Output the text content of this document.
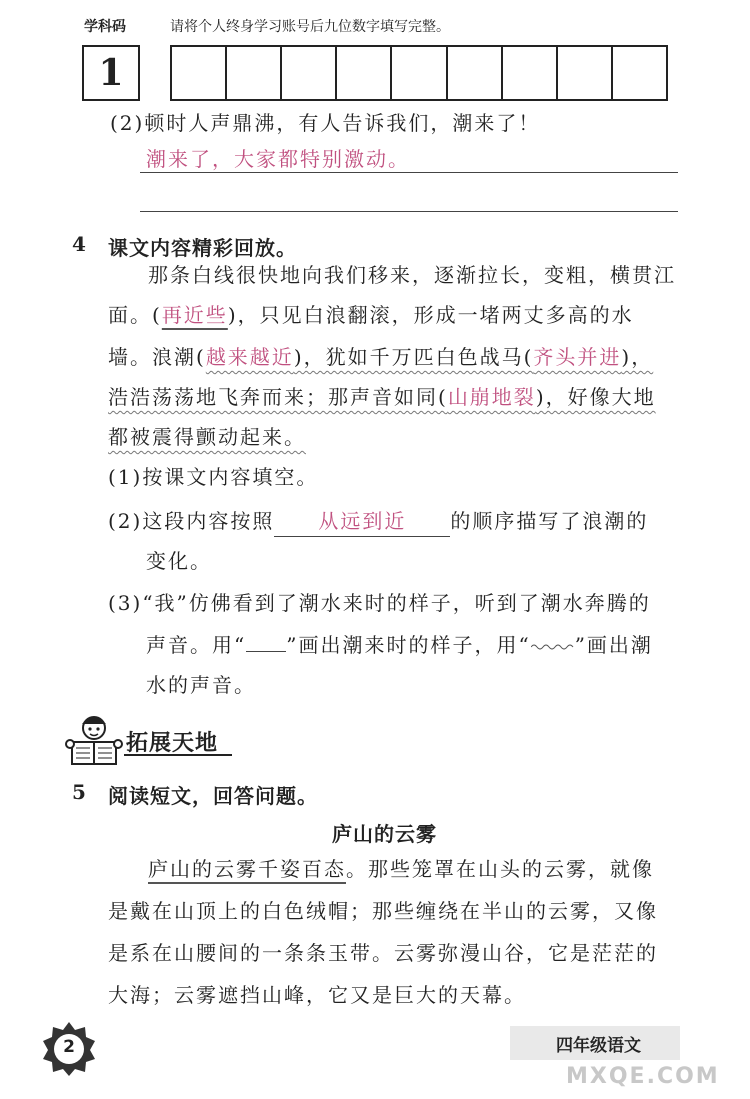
学科码	请将个人终身学习账号后九位数字填写完整。
1
(2)顿时人声鼎沸，有人告诉我们，潮来了！
潮来了，大家都特别激动。
4 课文内容精彩回放。
那条白线很快地向我们移来，逐渐拉长，变粗，横贯江
面。(再近些)，只见白浪翻滚，形成一堵两丈多高的水
墙。浪潮(越来越近)，犹如千万匹白色战马(齐头并进)，
浩浩荡荡地飞奔而来；那声音如同(山崩地裂)，好像大地
都被震得颤动起来。
(1)按课文内容填空。
(2)这段内容按照 从远到近 的顺序描写了浪潮的
变化。
(3)“我”仿佛看到了潮水来时的样子，听到了潮水奔腾的
声音。用“ ”画出潮来时的样子，用“ ”画出潮
水的声音。
拓展天地
5 阅读短文，回答问题。
庐山的云雾
庐山的云雾千姿百态。那些笼罩在山头的云雾，就像
是戴在山顶上的白色绒帽；那些缠绕在半山的云雾，又像
是系在山腰间的一条条玉带。云雾弥漫山谷，它是茫茫的
大海；云雾遮挡山峰，它又是巨大的天幕。
2	四年级语文
MXQE.COM
